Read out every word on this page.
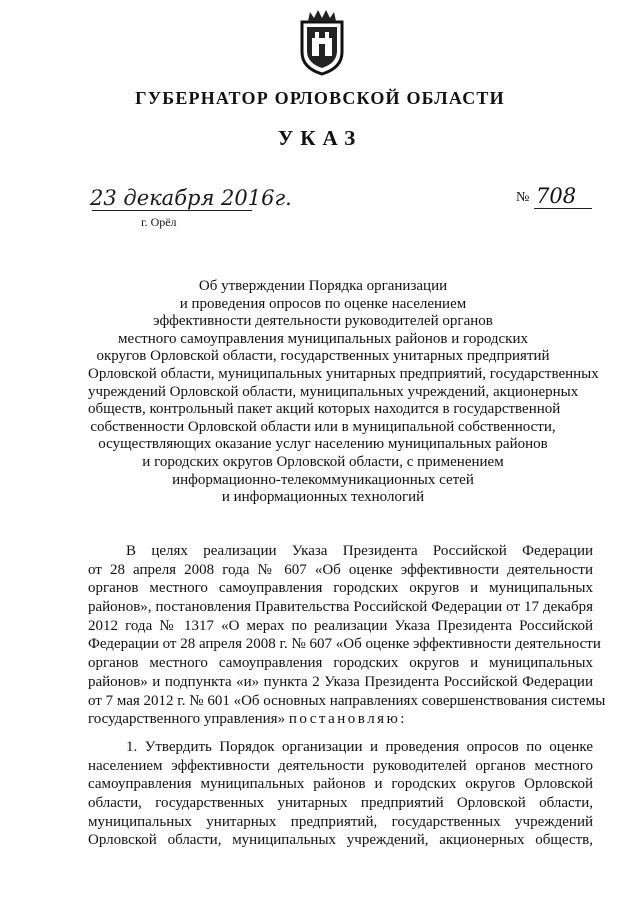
ГУБЕРНАТОР ОРЛОВСКОЙ ОБЛАСТИ
УКАЗ
23 декабря 2016г.
г. Орёл
№ 708
Об утверждении Порядка организации
и проведения опросов по оценке населением
эффективности деятельности руководителей органов
местного самоуправления муниципальных районов и городских
округов Орловской области, государственных унитарных предприятий
Орловской области, муниципальных унитарных предприятий, государственных
учреждений Орловской области, муниципальных учреждений, акционерных
обществ, контрольный пакет акций которых находится в государственной
собственности Орловской области или в муниципальной собственности,
осуществляющих оказание услуг населению муниципальных районов
и городских округов Орловской области, с применением
информационно-телекоммуникационных сетей
и информационных технологий
В целях реализации Указа Президента Российской Федерации
от 28 апреля 2008 года № 607 «Об оценке эффективности деятельности
органов местного самоуправления городских округов и муниципальных
районов», постановления Правительства Российской Федерации от 17 декабря
2012 года № 1317 «О мерах по реализации Указа Президента Российской
Федерации от 28 апреля 2008 г. № 607 «Об оценке эффективности деятельности
органов местного самоуправления городских округов и муниципальных
районов» и подпункта «и» пункта 2 Указа Президента Российской Федерации
от 7 мая 2012 г. № 601 «Об основных направлениях совершенствования системы
государственного управления» постановляю:
1. Утвердить Порядок организации и проведения опросов по оценке
населением эффективности деятельности руководителей органов местного
самоуправления муниципальных районов и городских округов Орловской
области, государственных унитарных предприятий Орловской области,
муниципальных унитарных предприятий, государственных учреждений
Орловской области, муниципальных учреждений, акционерных обществ,
